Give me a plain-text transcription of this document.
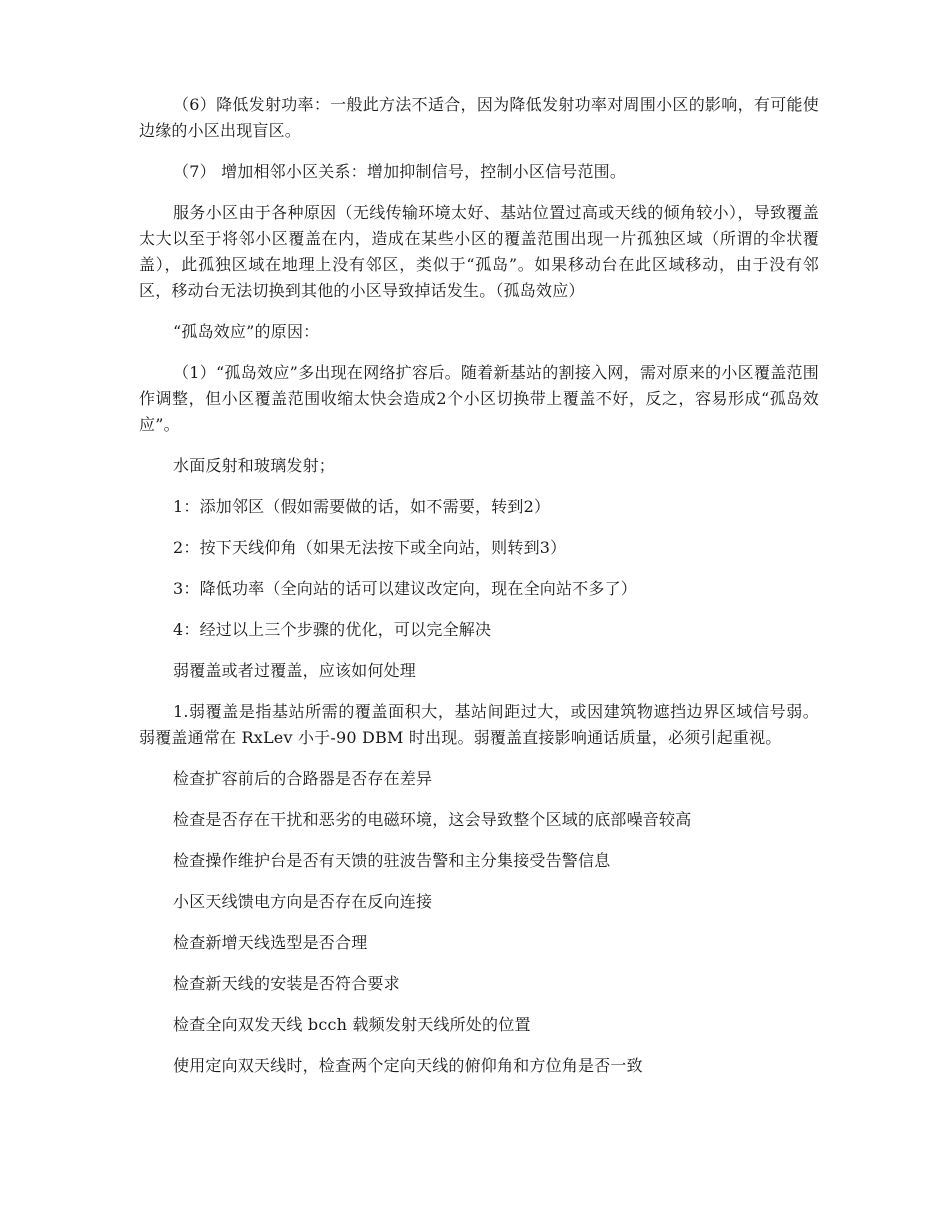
（6）降低发射功率：一般此方法不适合，因为降低发射功率对周围小区的影响，有可能使边缘的小区出现盲区。

（7） 增加相邻小区关系：增加抑制信号，控制小区信号范围。

服务小区由于各种原因（无线传输环境太好、基站位置过高或天线的倾角较小），导致覆盖太大以至于将邻小区覆盖在内，造成在某些小区的覆盖范围出现一片孤独区域（所谓的伞状覆盖），此孤独区域在地理上没有邻区，类似于“孤岛”。如果移动台在此区域移动，由于没有邻区，移动台无法切换到其他的小区导致掉话发生。（孤岛效应）

“孤岛效应”的原因：

（1）“孤岛效应”多出现在网络扩容后。随着新基站的割接入网，需对原来的小区覆盖范围作调整，但小区覆盖范围收缩太快会造成2个小区切换带上覆盖不好，反之，容易形成“孤岛效应”。

水面反射和玻璃发射；

1：添加邻区（假如需要做的话，如不需要，转到2）

2：按下天线仰角（如果无法按下或全向站，则转到3）

3：降低功率（全向站的话可以建议改定向，现在全向站不多了）

4：经过以上三个步骤的优化，可以完全解决

弱覆盖或者过覆盖，应该如何处理

1.弱覆盖是指基站所需的覆盖面积大，基站间距过大，或因建筑物遮挡边界区域信号弱。弱覆盖通常在 RxLev 小于-90 DBM 时出现。弱覆盖直接影响通话质量，必须引起重视。

检查扩容前后的合路器是否存在差异

检查是否存在干扰和恶劣的电磁环境，这会导致整个区域的底部噪音较高

检查操作维护台是否有天馈的驻波告警和主分集接受告警信息

小区天线馈电方向是否存在反向连接

检查新增天线选型是否合理

检查新天线的安装是否符合要求

检查全向双发天线 bcch 载频发射天线所处的位置

使用定向双天线时，检查两个定向天线的俯仰角和方位角是否一致
